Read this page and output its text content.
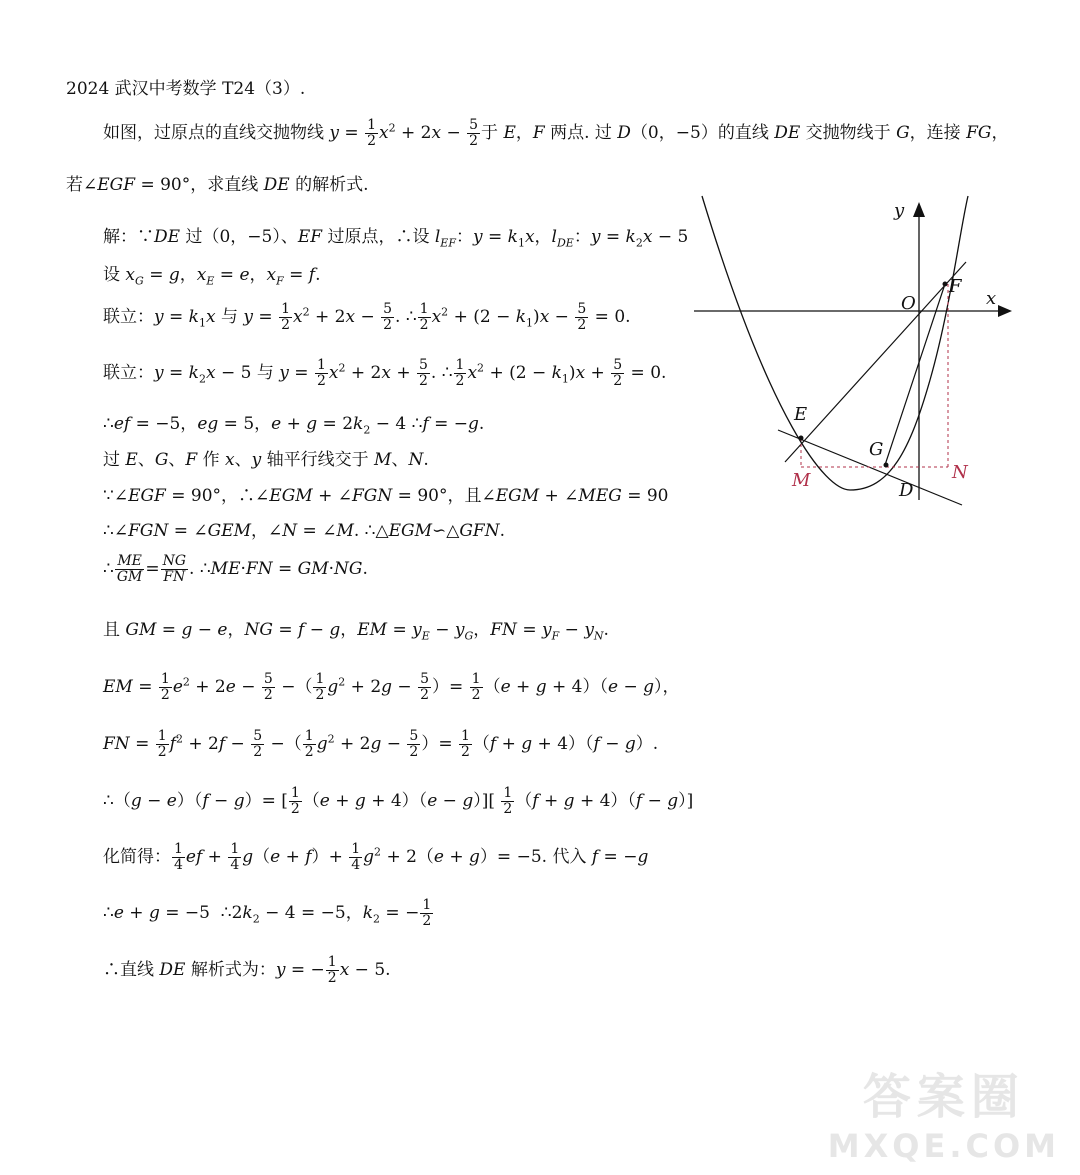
2024 武汉中考数学 T24（3）.
如图，过原点的直线交抛物线 $y = \frac{1}{2} x^2 + 2x - \frac{5}{2}$ 于 E，F 两点. 过 D（0，−5）的直线 DE 交抛物线于 G，连接 FG，
若∠EGF = 90°，求直线 DE 的解析式.
解：∵DE 过（0，−5）、EF 过原点，∴设 $l_{EF}$：$y = k_1x$，$l_{DE}$：$y = k_2x - 5$
设 $x_G = g$，$x_E = e$，$x_F = f$.
联立：$y = k_1x$ 与 $y = \frac{1}{2} x^2 + 2x - \frac{5}{2}$ . ∴ $\frac{1}{2} x^2 + (2 - k_1)x - \frac{5}{2} = 0$.
联立：$y = k_2x - 5$ 与 $y = \frac{1}{2} x^2 + 2x + \frac{5}{2}$ . ∴ $\frac{1}{2} x^2 + (2 - k_1)x + \frac{5}{2} = 0$.
∴ef = −5，eg = 5，$e + g = 2k_2 - 4$ ∴f = −g.
过 E、G、F 作 x、y 轴平行线交于 M、N.
∵∠EGF = 90°，∴∠EGM + ∠FGN = 90°，且∠EGM + ∠MEG = 90
∴∠FGN = ∠GEM，∠N = ∠M. ∴△EGM∽△GFN.
∴ $\frac{ME}{GM} = \frac{NG}{FN}$ . ∴ME·FN = GM·NG.
且 GM = g − e，NG = f − g，EM = $y_E - y_G$，FN = $y_F - y_N$.
EM = $\frac{1}{2} e^2 + 2e - \frac{5}{2}$ −（ $\frac{1}{2} g^2 + 2g - \frac{5}{2}$ ）= $\frac{1}{2} (e + g + 4)(e - g)$，
FN = $\frac{1}{2} f^2 + 2f - \frac{5}{2}$ −（ $\frac{1}{2} g^2 + 2g - \frac{5}{2}$ ）= $\frac{1}{2} (f + g + 4)(f - g)$.
∴（g − e）（f − g）= [ $\frac{1}{2} (e + g + 4)(e - g)][ \frac{1}{2} (f + g + 4)(f - g)]$
化简得： $\frac{1}{4}$ ef + $\frac{1}{4} g(e + f)+ \frac{1}{4} g^2 + 2(e + g)= -5$. 代入 f = −g
∴e + g = −5  $\therefore 2k_2 - 4 = -5$，$k_2$ = − $\frac{1}{2}$
∴直线 DE 解析式为：y = − $\frac{1}{2}$ x − 5.
y
x
O
F
E
G
M	N
D
答案圈
MXQE.COM
